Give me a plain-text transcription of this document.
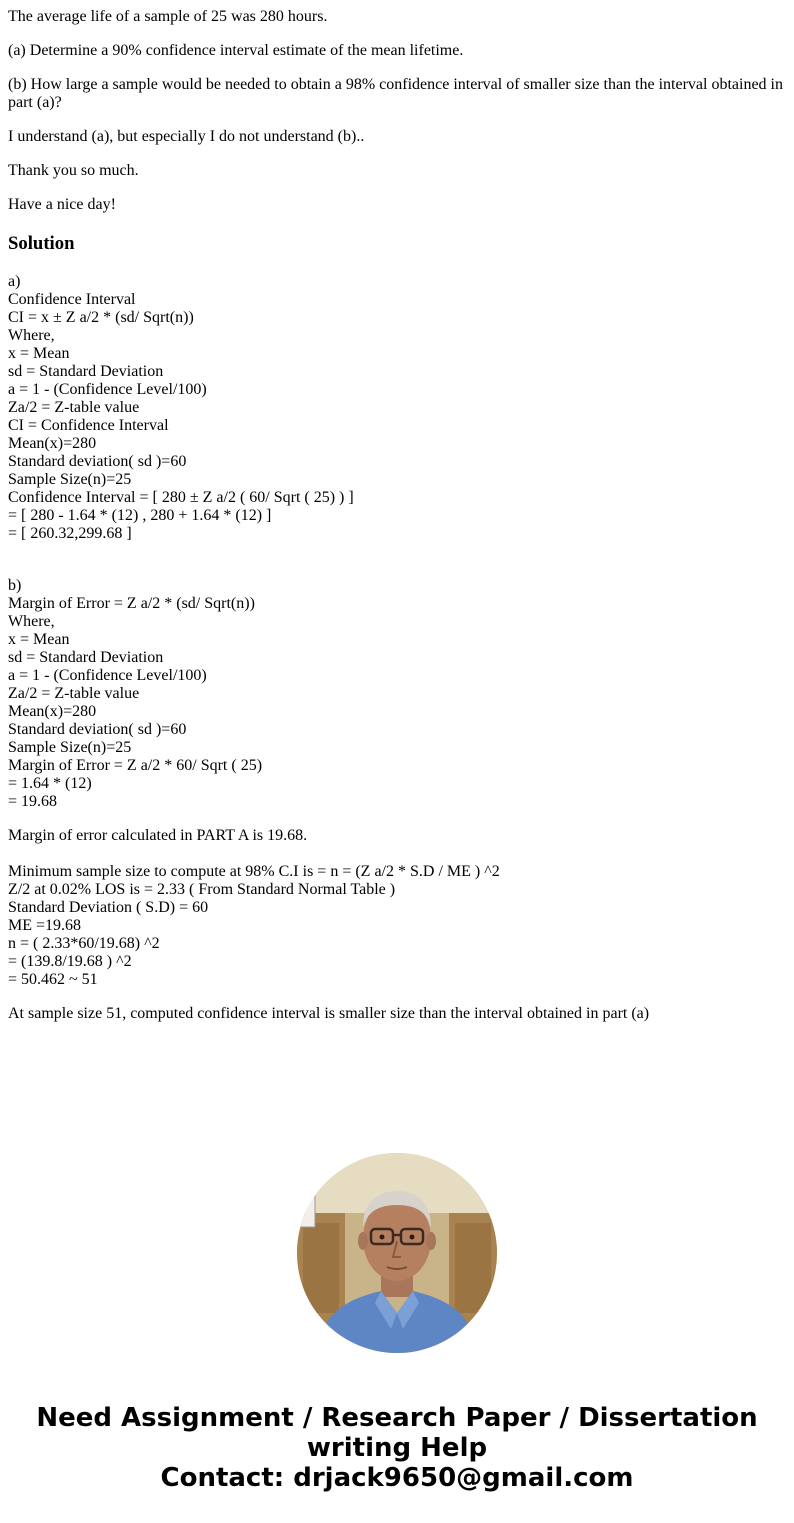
The average life of a sample of 25 was 280 hours.

(a) Determine a 90% confidence interval estimate of the mean lifetime.

(b) How large a sample would be needed to obtain a 98% confidence interval of smaller size than the interval obtained in part (a)?

I understand (a), but especially I do not understand (b)..

Thank you so much.

Have a nice day!

Solution
a)
Confidence Interval
CI = x ± Z a/2 * (sd/ Sqrt(n))
Where,
x = Mean
sd = Standard Deviation
a = 1 - (Confidence Level/100)
Za/2 = Z-table value
CI = Confidence Interval
Mean(x)=280
Standard deviation( sd )=60
Sample Size(n)=25
Confidence Interval = [ 280 ± Z a/2 ( 60/ Sqrt ( 25) ) ]
= [ 280 - 1.64 * (12) , 280 + 1.64 * (12) ]
= [ 260.32,299.68 ]
b)
Margin of Error = Z a/2 * (sd/ Sqrt(n))
Where,
x = Mean
sd = Standard Deviation
a = 1 - (Confidence Level/100)
Za/2 = Z-table value
Mean(x)=280
Standard deviation( sd )=60
Sample Size(n)=25
Margin of Error = Z a/2 * 60/ Sqrt ( 25)
= 1.64 * (12)
= 19.68

Margin of error calculated in PART A is 19.68.

Minimum sample size to compute at 98% C.I is = n = (Z a/2 * S.D / ME ) ^2
Z/2 at 0.02% LOS is = 2.33 ( From Standard Normal Table )
Standard Deviation ( S.D) = 60
ME =19.68
n = ( 2.33*60/19.68) ^2
= (139.8/19.68 ) ^2
= 50.462 ~ 51

At sample size 51, computed confidence interval is smaller size than the interval obtained in part (a)

Need Assignment / Research Paper / Dissertation
writing Help
Contact: drjack9650@gmail.com
